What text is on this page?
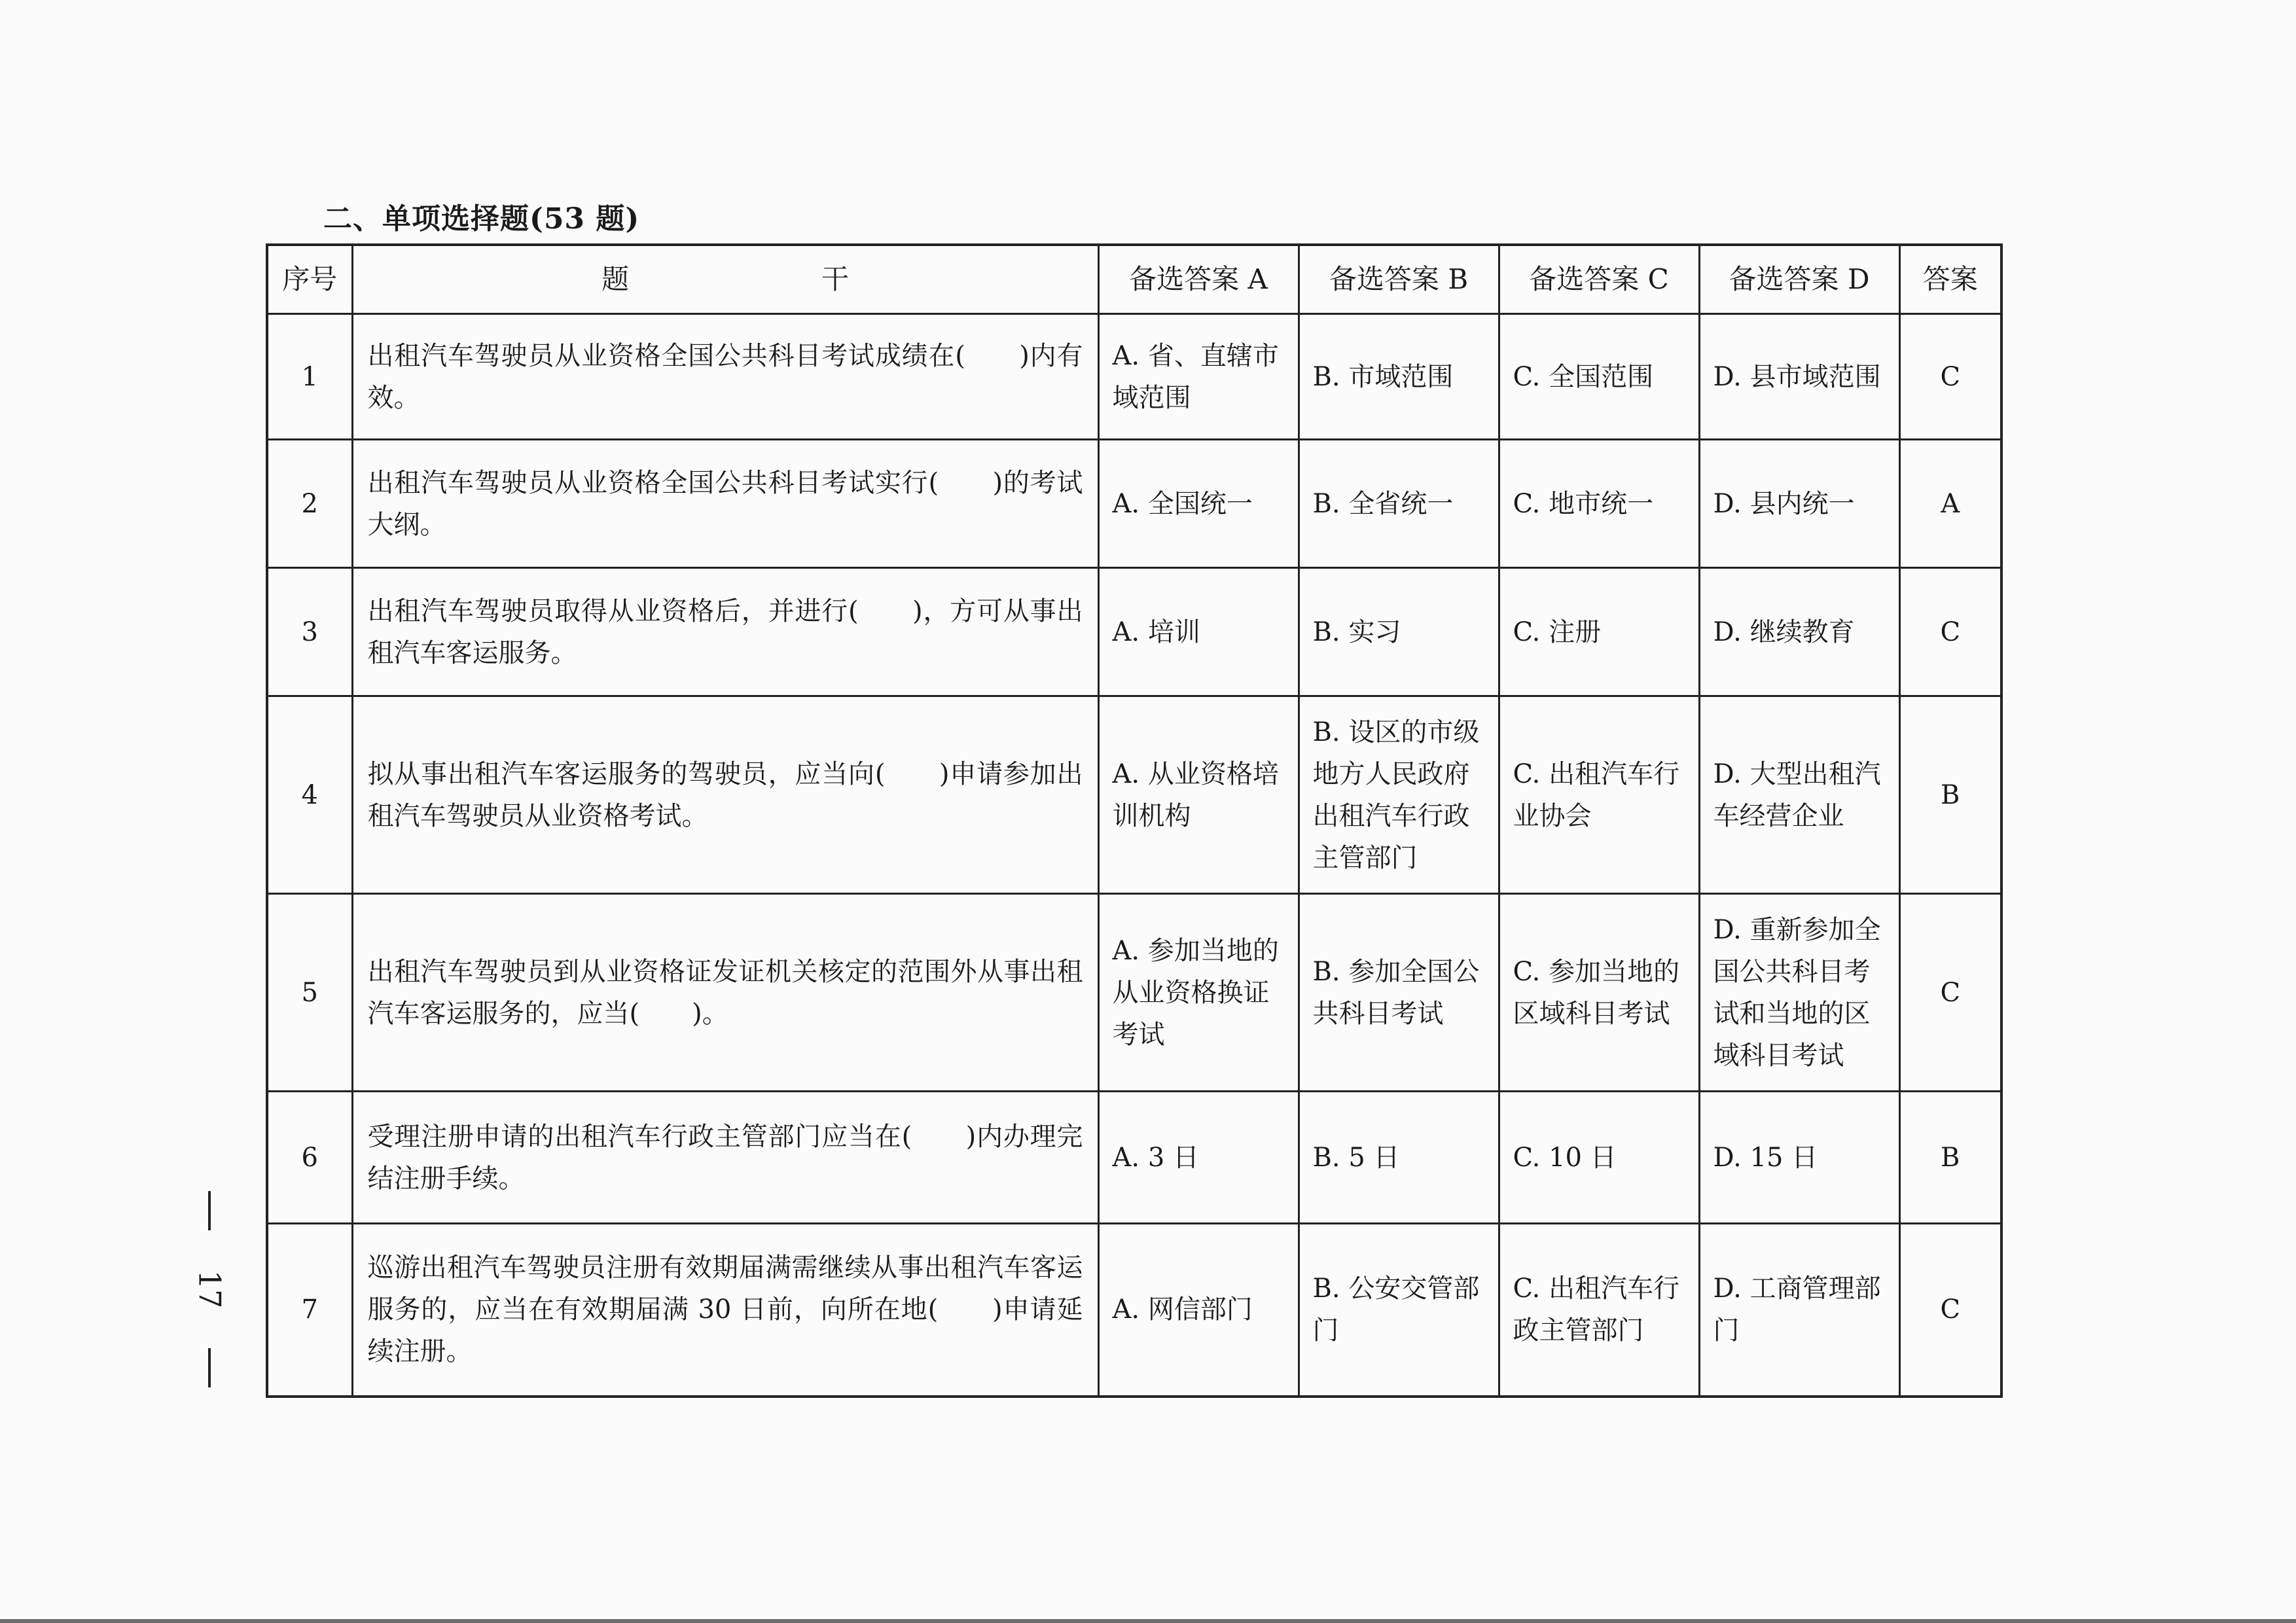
二、单项选择题(53 题)
序号	题　　　　　　　干	备选答案 A	备选答案 B	备选答案 C	备选答案 D	答案
1	出租汽车驾驶员从业资格全国公共科目考试成绩在(　　)内有效。	A. 省、直辖市域范围	B. 市域范围	C. 全国范围	D. 县市域范围	C
2	出租汽车驾驶员从业资格全国公共科目考试实行(　　)的考试大纲。	A. 全国统一	B. 全省统一	C. 地市统一	D. 县内统一	A
3	出租汽车驾驶员取得从业资格后，并进行(　　)，方可从事出租汽车客运服务。	A. 培训	B. 实习	C. 注册	D. 继续教育	C
4	拟从事出租汽车客运服务的驾驶员，应当向(　　)申请参加出租汽车驾驶员从业资格考试。	A. 从业资格培训机构	B. 设区的市级地方人民政府出租汽车行政主管部门	C. 出租汽车行业协会	D. 大型出租汽车经营企业	B
5	出租汽车驾驶员到从业资格证发证机关核定的范围外从事出租汽车客运服务的，应当(　　)。	A. 参加当地的从业资格换证考试	B. 参加全国公共科目考试	C. 参加当地的区域科目考试	D. 重新参加全国公共科目考试和当地的区域科目考试	C
6	受理注册申请的出租汽车行政主管部门应当在(　　)内办理完结注册手续。	A. 3 日	B. 5 日	C. 10 日	D. 15 日	B
7	巡游出租汽车驾驶员注册有效期届满需继续从事出租汽车客运服务的，应当在有效期届满 30 日前，向所在地(　　)申请延续注册。	A. 网信部门	B. 公安交管部门	C. 出租汽车行政主管部门	D. 工商管理部门	C
17
